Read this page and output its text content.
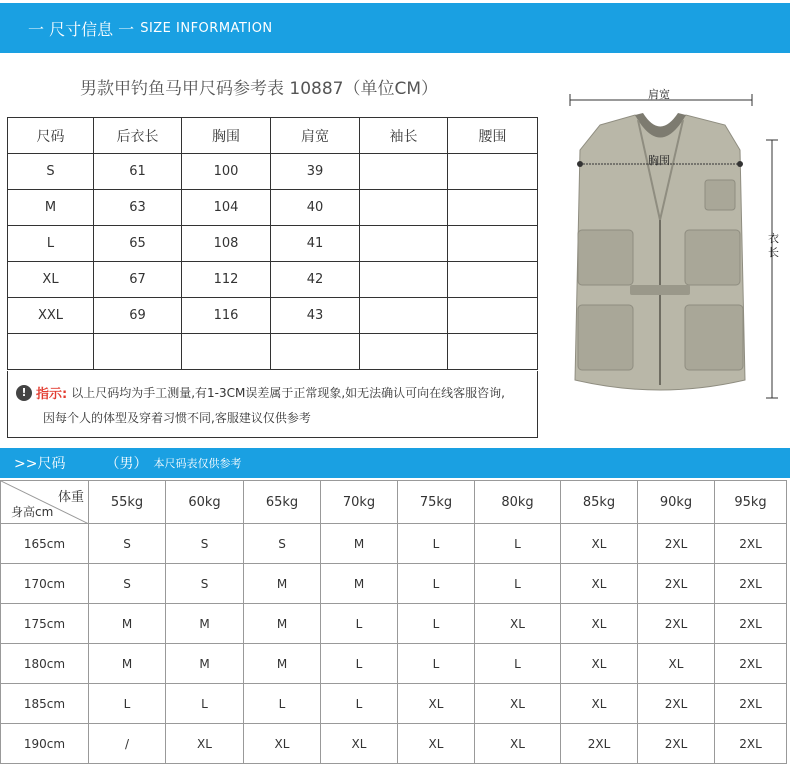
一 尺寸信息 一 SIZE INFORMATION
男款甲钓鱼马甲尺码参考表 10887（单位CM）
尺码	后衣长	胸围	肩宽	袖长	腰围
S	61	100	39		
M	63	104	40		
L	65	108	41		
XL	67	112	42		
XXL	69	116	43		

! 指示: 以上尺码均为手工测量,有1-3CM误差属于正常现象,如无法确认可向在线客服咨询,
因每个人的体型及穿着习惯不同,客服建议仅供参考
肩宽
胸围
衣长
>>尺码	（男） 本尺码表仅供参考
体重
身高cm	55kg	60kg	65kg	70kg	75kg	80kg	85kg	90kg	95kg
165cm	S	S	S	M	L	L	XL	2XL	2XL
170cm	S	S	M	M	L	L	XL	2XL	2XL
175cm	M	M	M	L	L	XL	XL	2XL	2XL
180cm	M	M	M	L	L	L	XL	XL	2XL
185cm	L	L	L	L	XL	XL	XL	2XL	2XL
190cm	/	XL	XL	XL	XL	XL	2XL	2XL	2XL
